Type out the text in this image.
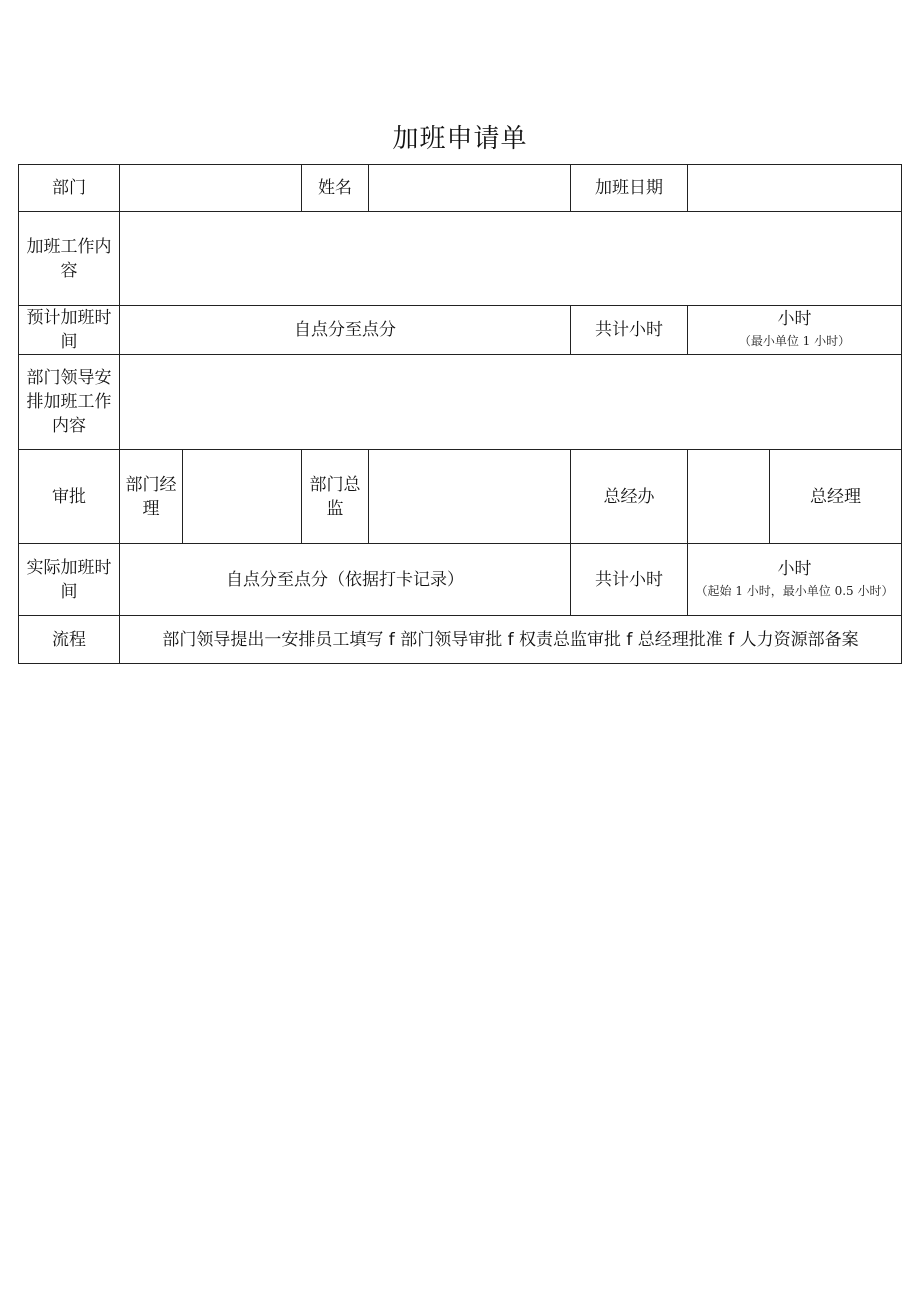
加班申请单
部门			姓名		加班日期		
加班工作内容							
预计加班时间	自点分至点分				共计小时	小时
（最小单位 1 小时）	

部门领导安排加班工作内容							
审批	部门经理		部门总监		总经办		总经理
实际加班时间	自点分至点分（依据打卡记录）				共计小时	小时
（起始 1 小时，最小单位 0.5 小时）	

流程	部门领导提出一安排员工填写 f 部门领导审批 f 权责总监审批 f 总经理批准 f 人力资源部备案						
